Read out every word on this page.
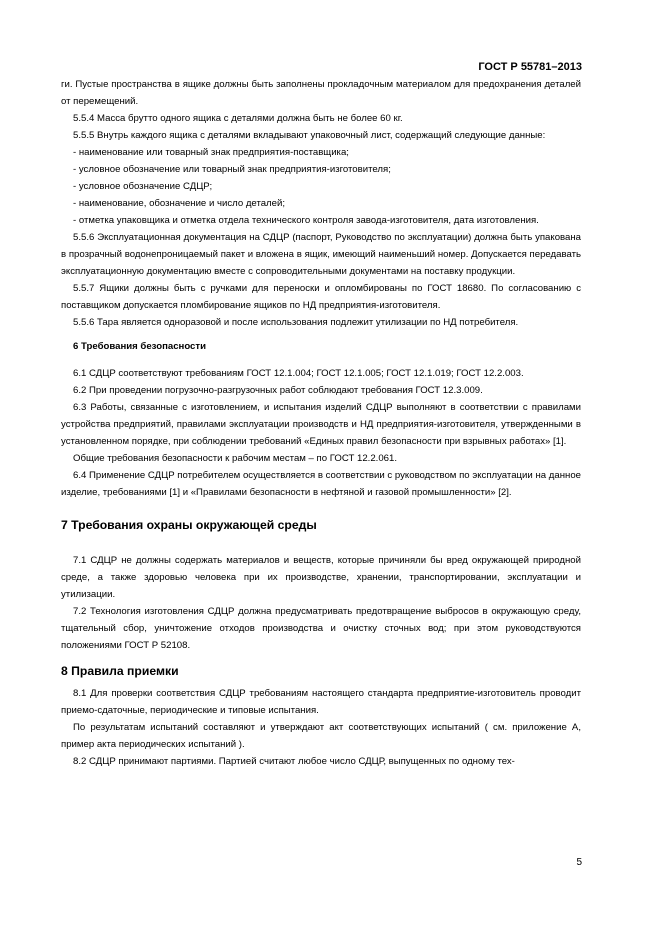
ГОСТ Р 55781–2013

ги. Пустые пространства в ящике должны быть заполнены прокладочным материалом для предохранения деталей от перемещений.

5.5.4 Масса брутто одного ящика с деталями должна быть не более 60 кг.

5.5.5 Внутрь каждого ящика с деталями вкладывают упаковочный лист, содержащий следующие данные:

- наименование или товарный знак предприятия-поставщика;

- условное обозначение или товарный знак предприятия-изготовителя;

- условное обозначение СДЦР;

- наименование, обозначение и число деталей;

- отметка упаковщика и отметка отдела технического контроля завода-изготовителя, дата изготовления.

5.5.6 Эксплуатационная документация на СДЦР (паспорт, Руководство по эксплуатации) должна быть упакована в прозрачный водонепроницаемый пакет и вложена в ящик, имеющий наименьший номер. Допускается передавать эксплуатационную документацию вместе с сопроводительными документами на поставку продукции.

5.5.7 Ящики должны быть с ручками для переноски и опломбированы по ГОСТ 18680. По согласованию с поставщиком допускается пломбирование ящиков по НД предприятия-изготовителя.

5.5.6 Тара является одноразовой и после использования подлежит утилизации по НД потребителя.

6 Требования безопасности

6.1 СДЦР соответствуют требованиям ГОСТ 12.1.004; ГОСТ 12.1.005; ГОСТ 12.1.019; ГОСТ 12.2.003.

6.2 При проведении погрузочно-разгрузочных работ соблюдают требования ГОСТ 12.3.009.

6.3 Работы, связанные с изготовлением, и испытания изделий СДЦР выполняют в соответствии с правилами устройства предприятий, правилами эксплуатации производств и НД предприятия-изготовителя, утвержденными в установленном порядке, при соблюдении требований «Единых правил безопасности при взрывных работах» [1].

Общие требования безопасности к рабочим местам – по ГОСТ 12.2.061.

6.4 Применение СДЦР потребителем осуществляется в соответствии с руководством по эксплуатации на данное изделие, требованиями [1] и «Правилами безопасности в нефтяной и газовой промышленности» [2].

7 Требования охраны окружающей среды

7.1 СДЦР не должны содержать материалов и веществ, которые причиняли бы вред окружающей природной среде, а также здоровью человека при их производстве, хранении, транспортировании, эксплуатации и утилизации.

7.2 Технология изготовления СДЦР должна предусматривать предотвращение выбросов в окружающую среду, тщательный сбор, уничтожение отходов производства и очистку сточных вод; при этом руководствуются положениями ГОСТ Р 52108.

8 Правила приемки

8.1 Для проверки соответствия СДЦР требованиям настоящего стандарта предприятие-изготовитель проводит приемо-сдаточные, периодические и типовые испытания.

По результатам испытаний составляют и утверждают акт соответствующих испытаний ( см. приложение А, пример акта периодических испытаний ).

8.2 СДЦР принимают партиями. Партией считают любое число СДЦР, выпущенных по одному тех-

5
